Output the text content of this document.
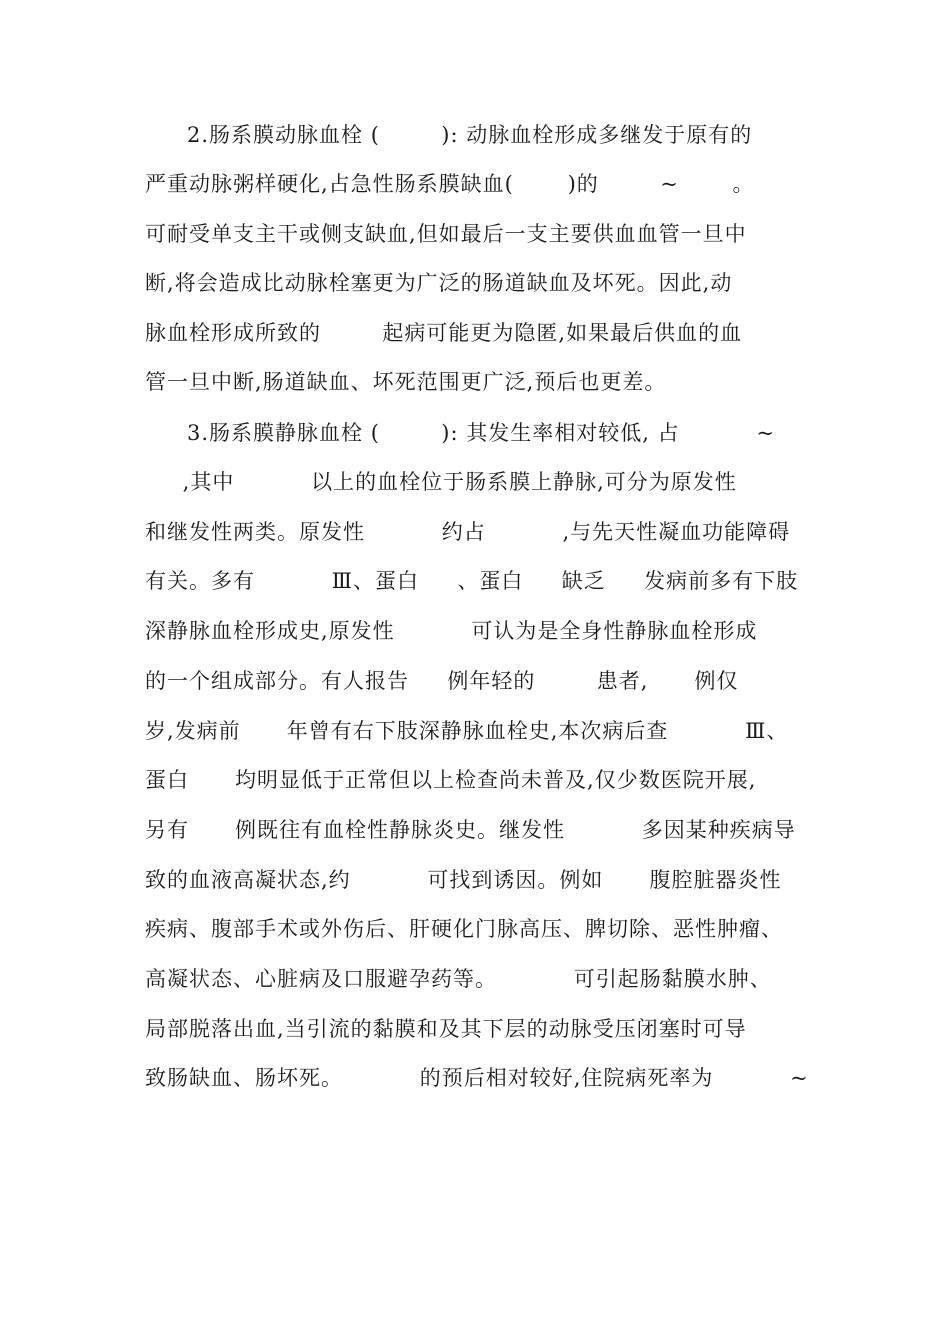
2.肠系膜动脉血栓 (        ): 动脉血栓形成多继发于原有的
严重动脉粥样硬化,占急性肠系膜缺血(       )的        ~       。
可耐受单支主干或侧支缺血,但如最后一支主要供血血管一旦中
断,将会造成比动脉栓塞更为广泛的肠道缺血及坏死。因此,动
脉血栓形成所致的        起病可能更为隐匿,如果最后供血的血
管一旦中断,肠道缺血、坏死范围更广泛,预后也更差。
3.肠系膜静脉血栓 (        ): 其发生率相对较低, 占          ~
,其中          以上的血栓位于肠系膜上静脉,可分为原发性
和继发性两类。原发性          约占          ,与先天性凝血功能障碍
有关。多有          Ⅲ、蛋白     、蛋白     缺乏     发病前多有下肢
深静脉血栓形成史,原发性          可认为是全身性静脉血栓形成
的一个组成部分。有人报告     例年轻的        患者,      例仅
岁,发病前      年曾有右下肢深静脉血栓史,本次病后查          Ⅲ、
蛋白      均明显低于正常但以上检查尚未普及,仅少数医院开展,
另有      例既往有血栓性静脉炎史。继发性          多因某种疾病导
致的血液高凝状态,约          可找到诱因。例如      腹腔脏器炎性
疾病、腹部手术或外伤后、肝硬化门脉高压、脾切除、恶性肿瘤、
高凝状态、心脏病及口服避孕药等。          可引起肠黏膜水肿、
局部脱落出血,当引流的黏膜和及其下层的动脉受压闭塞时可导
致肠缺血、肠坏死。          的预后相对较好,住院病死率为          ~
